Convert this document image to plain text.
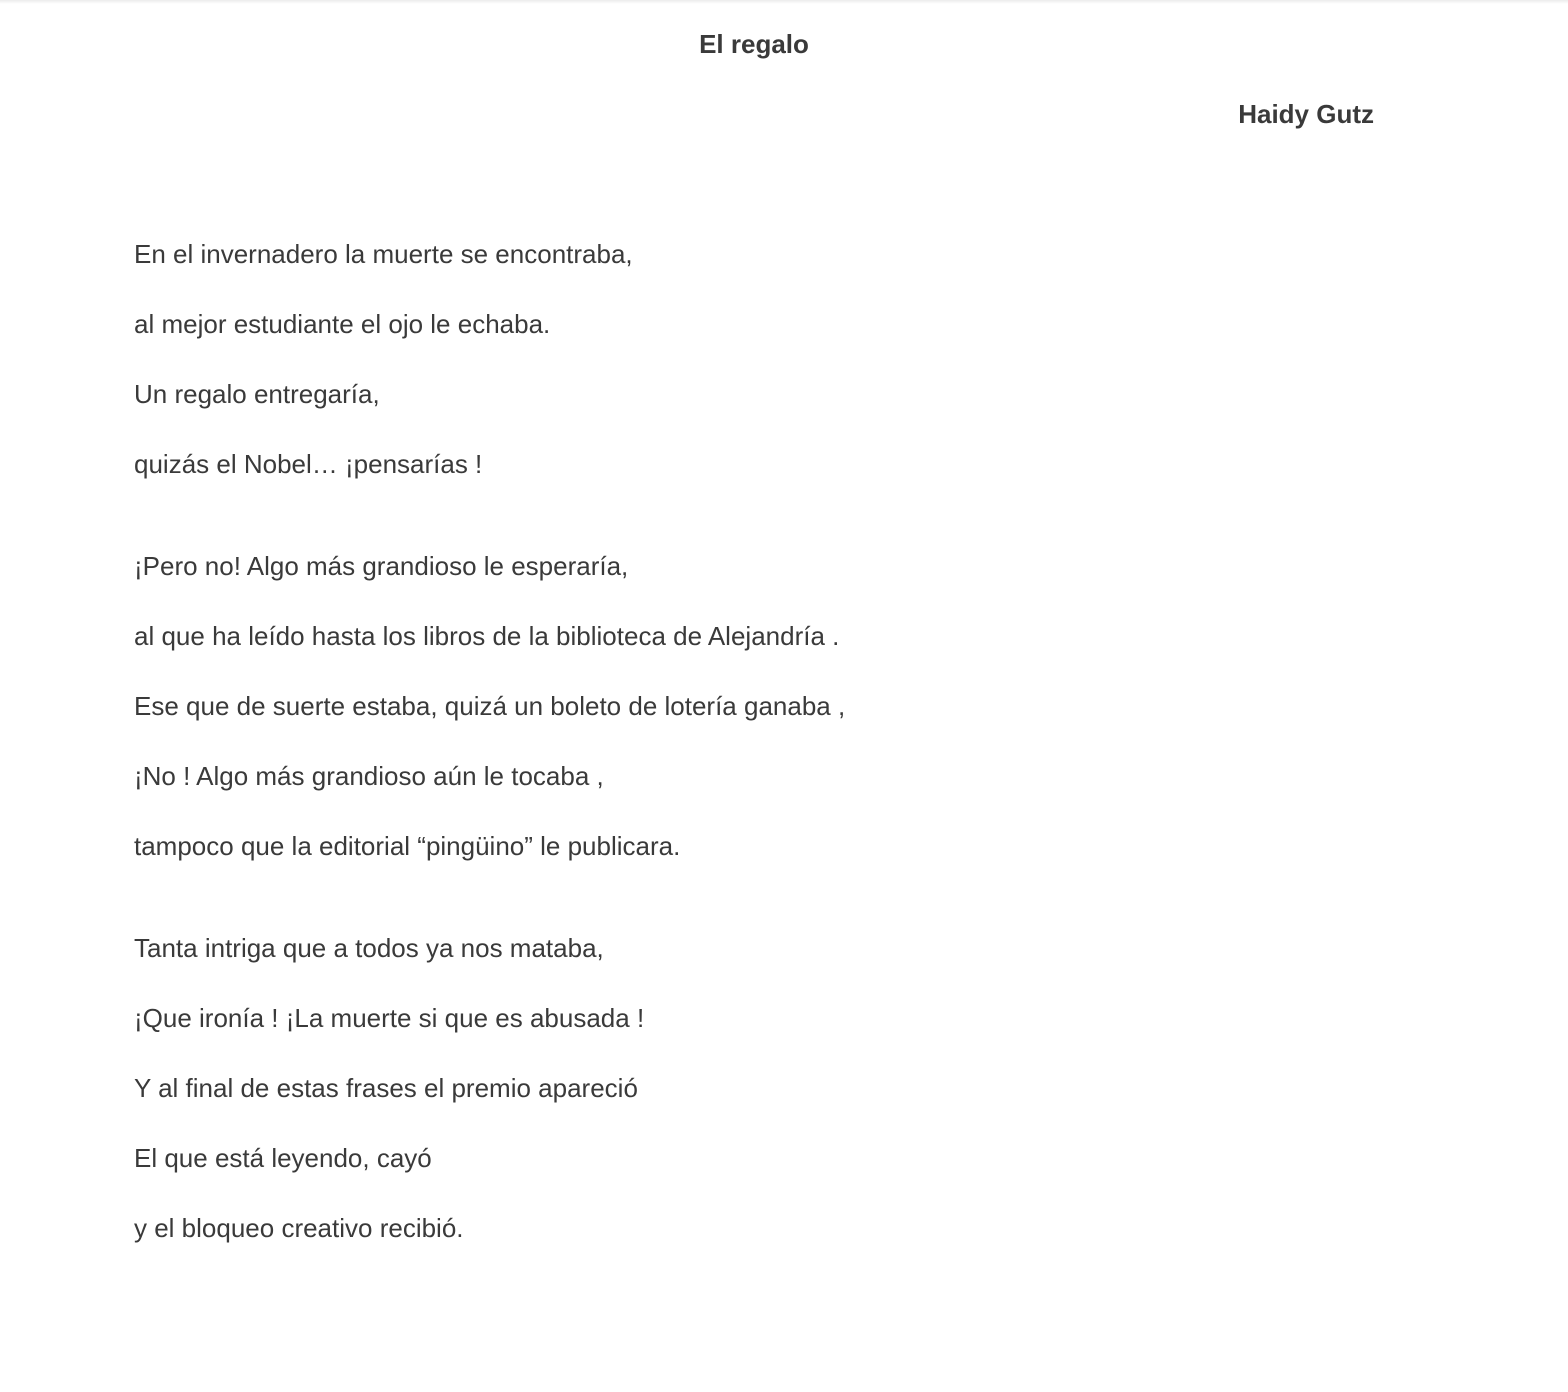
El regalo
Haidy Gutz
En el invernadero la muerte se encontraba,
al mejor estudiante el ojo le echaba.
Un regalo entregaría,
quizás el Nobel… ¡pensarías !
¡Pero no! Algo más grandioso le esperaría,
al que ha leído hasta los libros de la biblioteca de Alejandría .
Ese que de suerte estaba, quizá un boleto de lotería ganaba ,
¡No ! Algo más grandioso aún le tocaba ,
tampoco que la editorial “pingüino” le publicara.
Tanta intriga que a todos ya nos mataba,
¡Que ironía ! ¡La muerte si que es abusada !
Y al final de estas frases el premio apareció
El que está leyendo, cayó
y el bloqueo creativo recibió.
